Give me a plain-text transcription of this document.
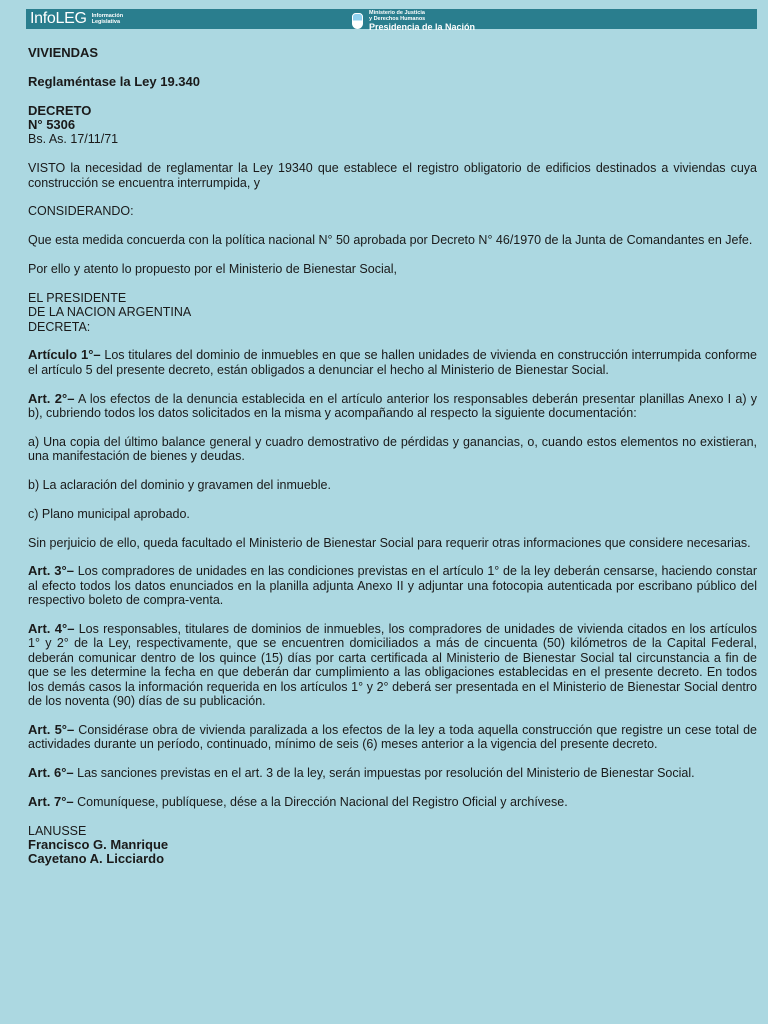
InfoLEG Información
Legislativa
Ministerio de Justicia
y Derechos Humanos
Presidencia de la Nación

VIVIENDAS

Reglaméntase la Ley 19.340

DECRETO

N° 5306

Bs. As. 17/11/71

VISTO la necesidad de reglamentar la Ley 19340 que establece el registro obligatorio de edificios destinados a viviendas cuya construcción se encuentra interrumpida, y

CONSIDERANDO:

Que esta medida concuerda con la política nacional N° 50 aprobada por Decreto N° 46/1970 de la Junta de Comandantes en Jefe.

Por ello y atento lo propuesto por el Ministerio de Bienestar Social,

EL PRESIDENTE

DE LA NACION ARGENTINA

DECRETA:

Artículo 1°– Los titulares del dominio de inmuebles en que se hallen unidades de vivienda en construcción interrumpida conforme el artículo 5 del presente decreto, están obligados a denunciar el hecho al Ministerio de Bienestar Social.

Art. 2°– A los efectos de la denuncia establecida en el artículo anterior los responsables deberán presentar planillas Anexo I a) y b), cubriendo todos los datos solicitados en la misma y acompañando al respecto la siguiente documentación:

a) Una copia del último balance general y cuadro demostrativo de pérdidas y ganancias, o, cuando estos elementos no existieran, una manifestación de bienes y deudas.

b) La aclaración del dominio y gravamen del inmueble.

c) Plano municipal aprobado.

Sin perjuicio de ello, queda facultado el Ministerio de Bienestar Social para requerir otras informaciones que considere necesarias.

Art. 3°– Los compradores de unidades en las condiciones previstas en el artículo 1° de la ley deberán censarse, haciendo constar al efecto todos los datos enunciados en la planilla adjunta Anexo II y adjuntar una fotocopia autenticada por escribano público del respectivo boleto de compra-venta.

Art. 4°– Los responsables, titulares de dominios de inmuebles, los compradores de unidades de vivienda citados en los artículos 1° y 2° de la Ley, respectivamente, que se encuentren domiciliados a más de cincuenta (50) kilómetros de la Capital Federal, deberán comunicar dentro de los quince (15) días por carta certificada al Ministerio de Bienestar Social tal circunstancia a fin de que se les determine la fecha en que deberán dar cumplimiento a las obligaciones establecidas en el presente decreto. En todos los demás casos la información requerida en los artículos 1° y 2° deberá ser presentada en el Ministerio de Bienestar Social dentro de los noventa (90) días de su publicación.

Art. 5°– Considérase obra de vivienda paralizada a los efectos de la ley a toda aquella construcción que registre un cese total de actividades durante un período, continuado, mínimo de seis (6) meses anterior a la vigencia del presente decreto.

Art. 6°– Las sanciones previstas en el art. 3 de la ley, serán impuestas por resolución del Ministerio de Bienestar Social.

Art. 7°– Comuníquese, publíquese, dése a la Dirección Nacional del Registro Oficial y archívese.

LANUSSE

Francisco G. Manrique

Cayetano A. Licciardo
